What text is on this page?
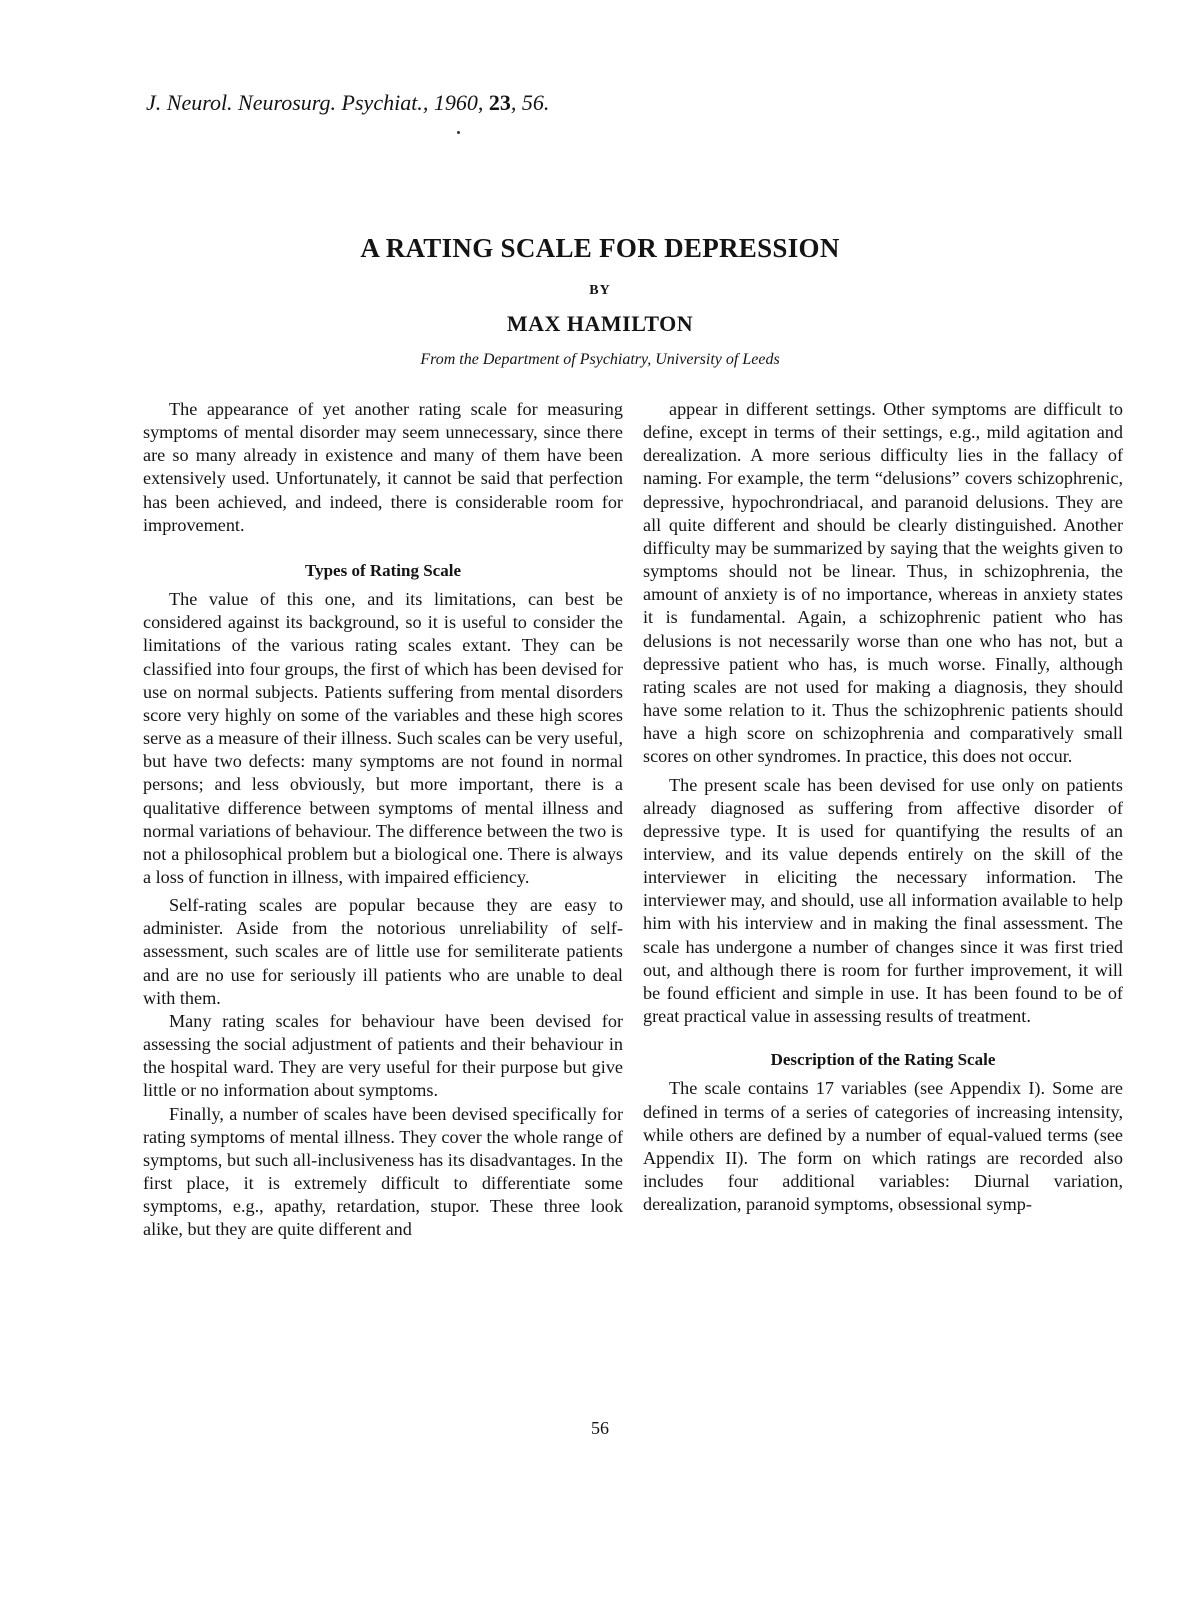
J. Neurol. Neurosurg. Psychiat., 1960, 23, 56.
A RATING SCALE FOR DEPRESSION
BY
MAX HAMILTON
From the Department of Psychiatry, University of Leeds

The appearance of yet another rating scale for measuring symptoms of mental disorder may seem unnecessary, since there are so many already in existence and many of them have been extensively used. Unfortunately, it cannot be said that perfection has been achieved, and indeed, there is considerable room for improvement.

Types of Rating Scale

The value of this one, and its limitations, can best be considered against its background, so it is useful to consider the limitations of the various rating scales extant. They can be classified into four groups, the first of which has been devised for use on normal subjects. Patients suffering from mental disorders score very highly on some of the variables and these high scores serve as a measure of their illness. Such scales can be very useful, but have two defects: many symptoms are not found in normal persons; and less obviously, but more important, there is a qualitative difference between symptoms of mental illness and normal variations of behaviour. The difference between the two is not a philosophical problem but a biological one. There is always a loss of function in illness, with impaired efficiency.

Self-rating scales are popular because they are easy to administer. Aside from the notorious unreliability of self-assessment, such scales are of little use for semiliterate patients and are no use for seriously ill patients who are unable to deal with them.

Many rating scales for behaviour have been devised for assessing the social adjustment of patients and their behaviour in the hospital ward. They are very useful for their purpose but give little or no information about symptoms.

Finally, a number of scales have been devised specifically for rating symptoms of mental illness. They cover the whole range of symptoms, but such all-inclusiveness has its disadvantages. In the first place, it is extremely difficult to differentiate some symptoms, e.g., apathy, retardation, stupor. These three look alike, but they are quite different and

appear in different settings. Other symptoms are difficult to define, except in terms of their settings, e.g., mild agitation and derealization. A more serious difficulty lies in the fallacy of naming. For example, the term “delusions” covers schizophrenic, depressive, hypochrondriacal, and paranoid delusions. They are all quite different and should be clearly distinguished. Another difficulty may be summarized by saying that the weights given to symptoms should not be linear. Thus, in schizophrenia, the amount of anxiety is of no importance, whereas in anxiety states it is fundamental. Again, a schizophrenic patient who has delusions is not necessarily worse than one who has not, but a depressive patient who has, is much worse. Finally, although rating scales are not used for making a diagnosis, they should have some relation to it. Thus the schizophrenic patients should have a high score on schizophrenia and comparatively small scores on other syndromes. In practice, this does not occur.

The present scale has been devised for use only on patients already diagnosed as suffering from affective disorder of depressive type. It is used for quantifying the results of an interview, and its value depends entirely on the skill of the interviewer in eliciting the necessary information. The interviewer may, and should, use all information available to help him with his interview and in making the final assessment. The scale has undergone a number of changes since it was first tried out, and although there is room for further improvement, it will be found efficient and simple in use. It has been found to be of great practical value in assessing results of treatment.

Description of the Rating Scale

The scale contains 17 variables (see Appendix I). Some are defined in terms of a series of categories of increasing intensity, while others are defined by a number of equal-valued terms (see Appendix II). The form on which ratings are recorded also includes four additional variables: Diurnal variation, derealization, paranoid symptoms, obsessional symp-

56
